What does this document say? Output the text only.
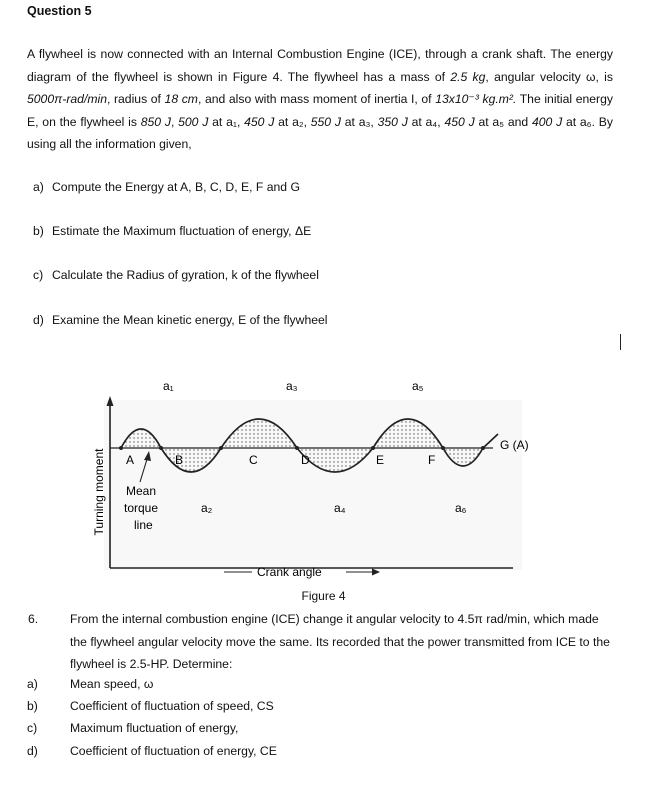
Question 5
A flywheel is now connected with an Internal Combustion Engine (ICE), through a crank shaft. The energy diagram of the flywheel is shown in Figure 4. The flywheel has a mass of 2.5 kg, angular velocity ω, is 5000π-rad/min, radius of 18 cm, and also with mass moment of inertia I, of 13x10⁻³ kg.m². The initial energy E, on the flywheel is 850 J, 500 J at a₁, 450 J at a₂, 550 J at a₃, 350 J at a₄, 450 J at a₅ and 400 J at a₆. By using all the information given,
a) Compute the Energy at A, B, C, D, E, F and G
b) Estimate the Maximum fluctuation of energy, ΔE
c) Calculate the Radius of gyration, k of the flywheel
d) Examine the Mean kinetic energy, E of the flywheel
a₁
a₂
a₃
a₄
a₅
a₆
A	B	C	D	E	F
G (A)
Mean torque line
Turning moment
Crank angle
Figure 4
6.	From the internal combustion engine (ICE) change it angular velocity to 4.5π rad/min, which made the flywheel angular velocity move the same. Its recorded that the power transmitted from ICE to the flywheel is 2.5-HP. Determine:
a)	Mean speed, ω
b)	Coefficient of fluctuation of speed, CS
c)	Maximum fluctuation of energy,
d)	Coefficient of fluctuation of energy, CE
